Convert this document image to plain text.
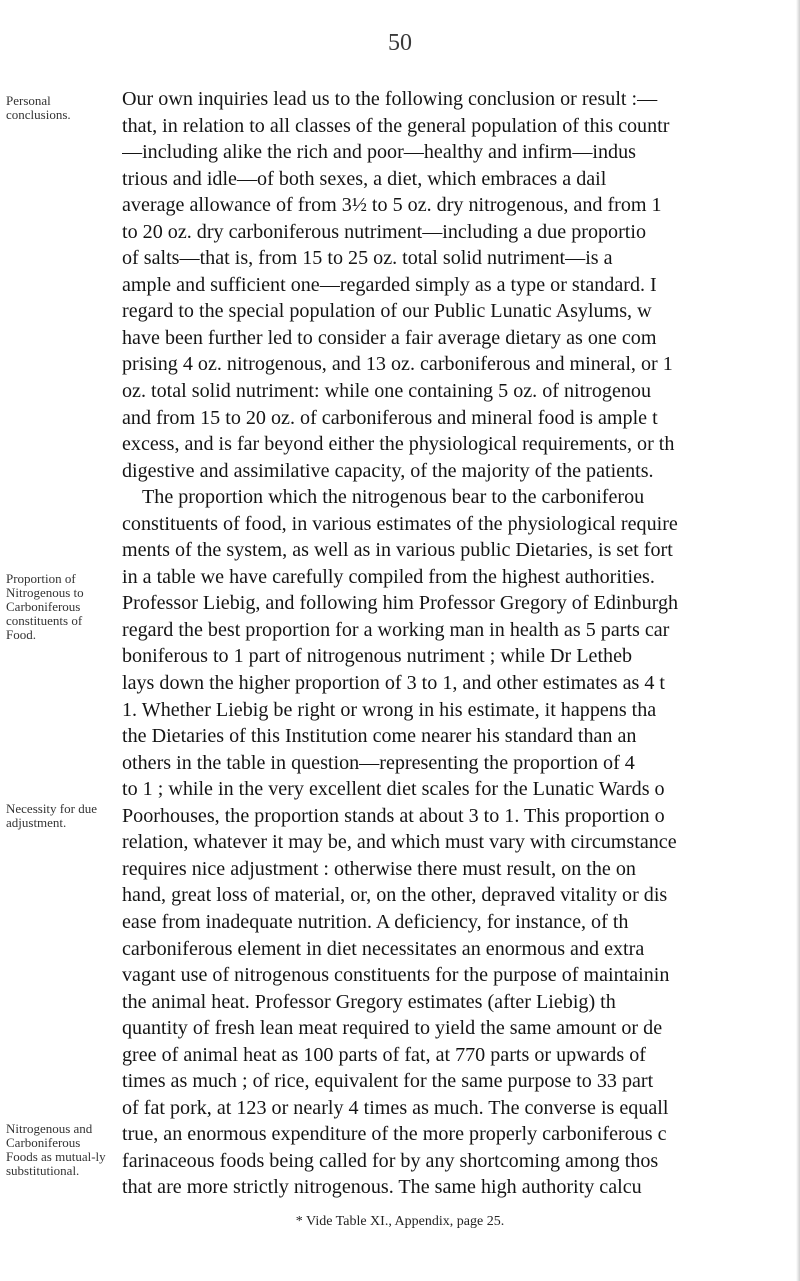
50
Personal conclusions.
Proportion of Nitrogenous to Carboniferous constituents of Food.
Necessity for due adjustment.
Nitrogenous and Carboniferous Foods as mutual-ly substitutional.
Our own inquiries lead us to the following conclusion or result :—
that, in relation to all classes of the general population of this countr
—including alike the rich and poor—healthy and infirm—indus
trious and idle—of both sexes, a diet, which embraces a dail
average allowance of from 3½ to 5 oz. dry nitrogenous, and from 1
to 20 oz. dry carboniferous nutriment—including a due proportio
of salts—that is, from 15 to 25 oz. total solid nutriment—is a
ample and sufficient one—regarded simply as a type or standard. I
regard to the special population of our Public Lunatic Asylums, w
have been further led to consider a fair average dietary as one com
prising 4 oz. nitrogenous, and 13 oz. carboniferous and mineral, or 1
oz. total solid nutriment: while one containing 5 oz. of nitrogenou
and from 15 to 20 oz. of carboniferous and mineral food is ample t
excess, and is far beyond either the physiological requirements, or th
digestive and assimilative capacity, of the majority of the patients.
The proportion which the nitrogenous bear to the carboniferou
constituents of food, in various estimates of the physiological require
ments of the system, as well as in various public Dietaries, is set fort
in a table we have carefully compiled from the highest authorities.
Professor Liebig, and following him Professor Gregory of Edinburgh
regard the best proportion for a working man in health as 5 parts car
boniferous to 1 part of nitrogenous nutriment ; while Dr Letheb
lays down the higher proportion of 3 to 1, and other estimates as 4 t
1. Whether Liebig be right or wrong in his estimate, it happens tha
the Dietaries of this Institution come nearer his standard than an
others in the table in question—representing the proportion of 4
to 1 ; while in the very excellent diet scales for the Lunatic Wards o
Poorhouses, the proportion stands at about 3 to 1. This proportion o
relation, whatever it may be, and which must vary with circumstance
requires nice adjustment : otherwise there must result, on the on
hand, great loss of material, or, on the other, depraved vitality or dis
ease from inadequate nutrition. A deficiency, for instance, of th
carboniferous element in diet necessitates an enormous and extra
vagant use of nitrogenous constituents for the purpose of maintainin
the animal heat. Professor Gregory estimates (after Liebig) th
quantity of fresh lean meat required to yield the same amount or de
gree of animal heat as 100 parts of fat, at 770 parts or upwards of
times as much ; of rice, equivalent for the same purpose to 33 part
of fat pork, at 123 or nearly 4 times as much. The converse is equall
true, an enormous expenditure of the more properly carboniferous c
farinaceous foods being called for by any shortcoming among thos
that are more strictly nitrogenous. The same high authority calcu
* Vide Table XI., Appendix, page 25.
